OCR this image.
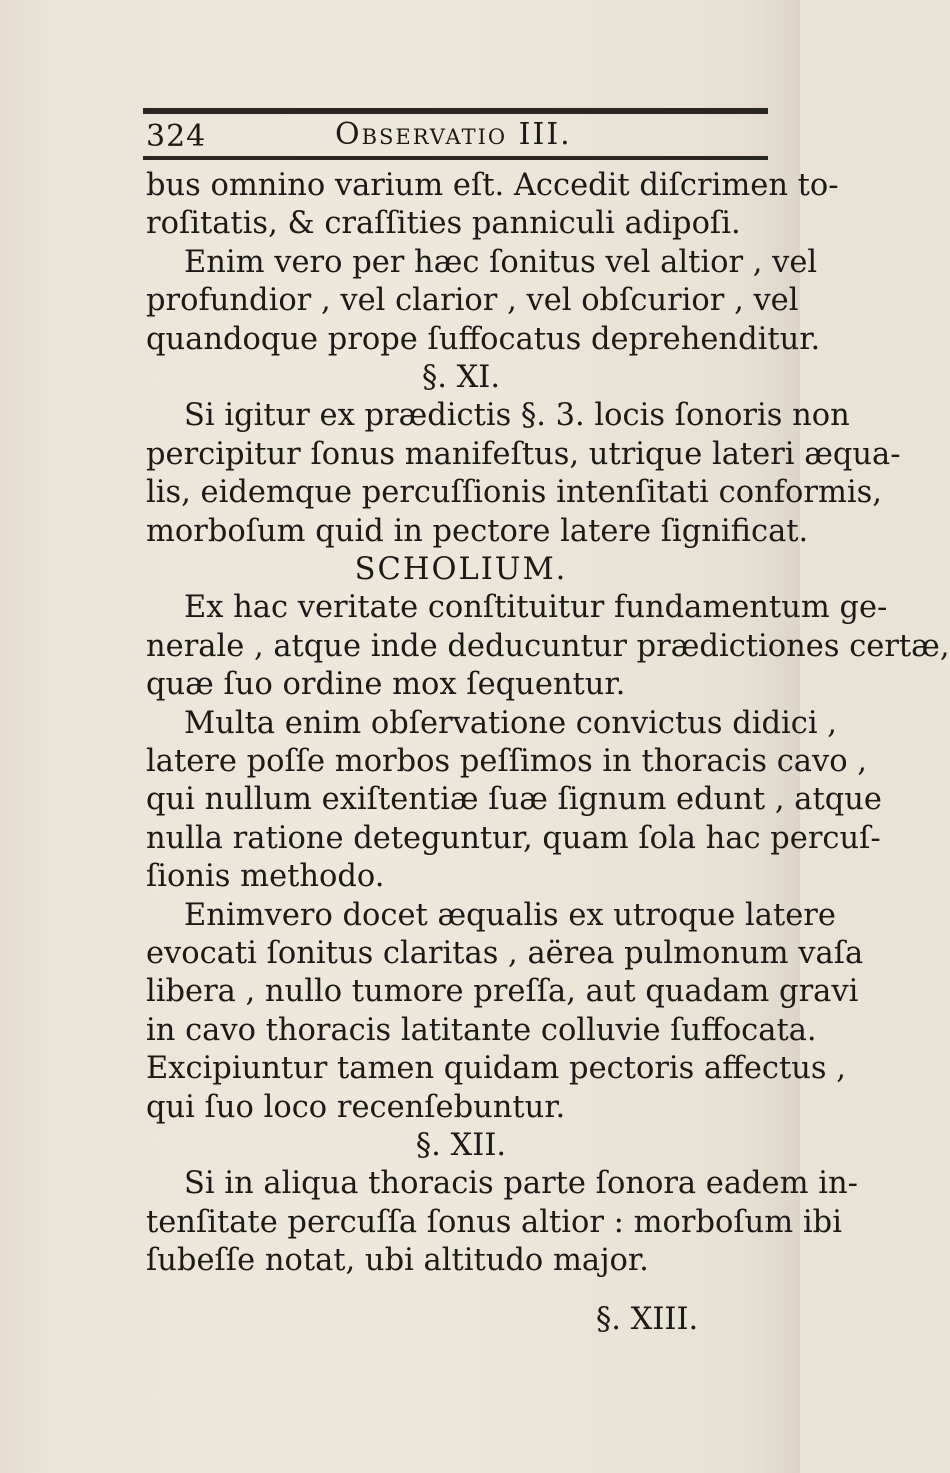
324	Observatio III.
bus omnino varium eſt. Accedit diſcrimen to-
roſitatis, & craſſities panniculi adipoſi.
Enim vero per hæc ſonitus vel altior , vel
profundior , vel clarior , vel obſcurior , vel
quandoque prope ſuffocatus deprehenditur.
§. XI.
Si igitur ex prædictis §. 3. locis ſonoris non
percipitur ſonus manifeſtus, utrique lateri æqua-
lis, eidemque percuſſionis intenſitati conformis,
morboſum quid in pectore latere ſignificat.
SCHOLIUM.
Ex hac veritate conſtituitur fundamentum ge-
nerale , atque inde deducuntur prædictiones certæ,
quæ ſuo ordine mox ſequentur.
Multa enim obſervatione convictus didici ,
latere poſſe morbos peſſimos in thoracis cavo ,
qui nullum exiſtentiæ ſuæ ſignum edunt , atque
nulla ratione deteguntur, quam ſola hac percuſ-
ſionis methodo.
Enimvero docet æqualis ex utroque latere
evocati ſonitus claritas , aërea pulmonum vaſa
libera , nullo tumore preſſa, aut quadam gravi
in cavo thoracis latitante colluvie ſuffocata.
Excipiuntur tamen quidam pectoris affectus ,
qui ſuo loco recenſebuntur.
§. XII.
Si in aliqua thoracis parte ſonora eadem in-
tenſitate percuſſa ſonus altior : morboſum ibi
ſubeſſe notat, ubi altitudo major.
§. XIII.
